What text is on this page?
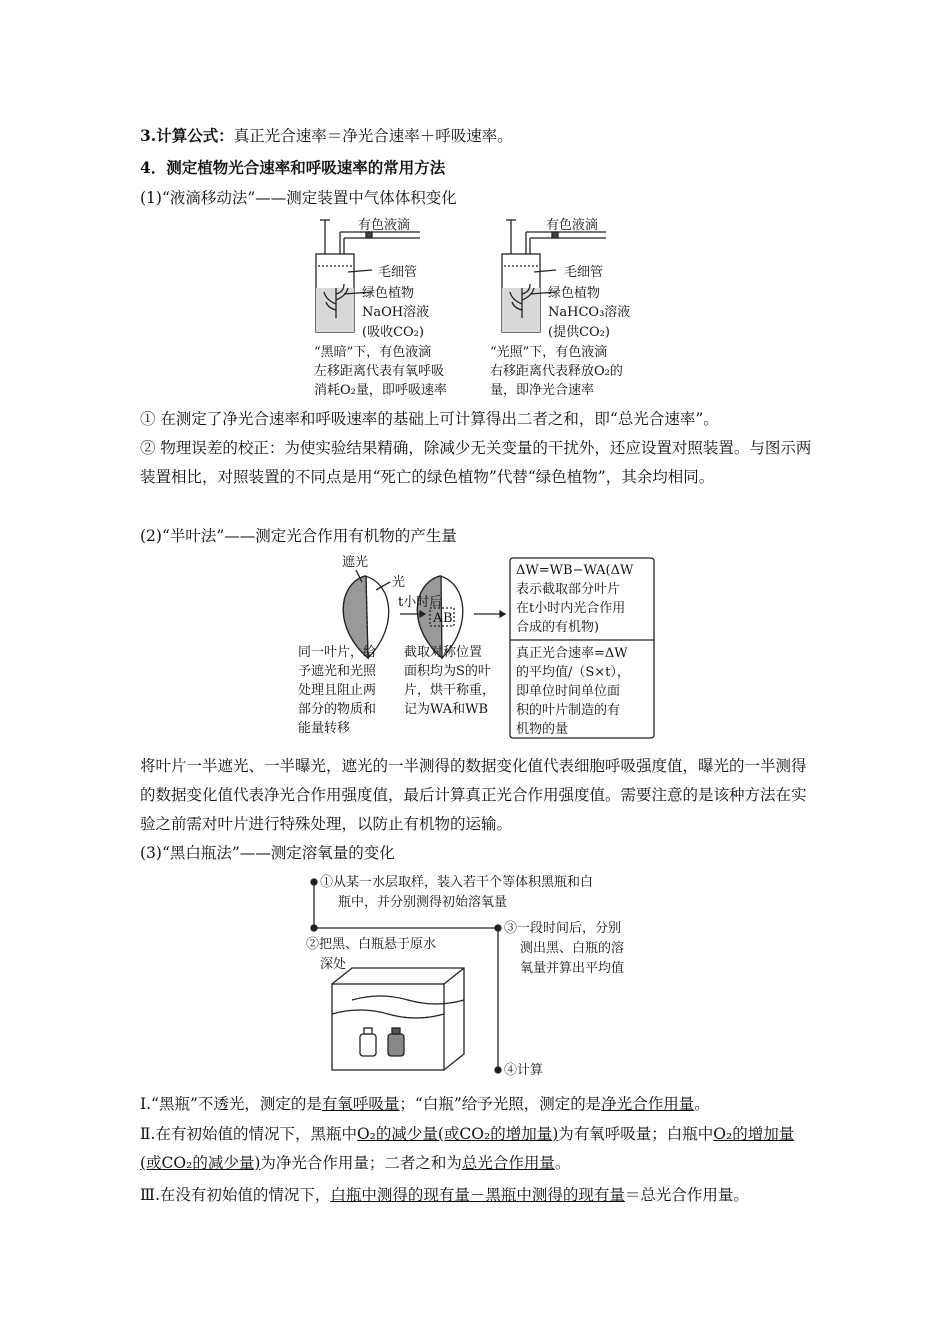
3.计算公式：真正光合速率＝净光合速率＋呼吸速率。
4．测定植物光合速率和呼吸速率的常用方法
(1)“液滴移动法”——测定装置中气体体积变化
有色液滴
毛细管
绿色植物
NaOH溶液
(吸收CO₂)
“黑暗”下，有色液滴
左移距离代表有氧呼吸
消耗O₂量，即呼吸速率
有色液滴
毛细管
绿色植物
NaHCO₃溶液
(提供CO₂)
“光照”下，有色液滴
右移距离代表释放O₂的
量，即净光合速率
① 在测定了净光合速率和呼吸速率的基础上可计算得出二者之和，即“总光合速率”。
② 物理误差的校正：为使实验结果精确，除减少无关变量的干扰外，还应设置对照装置。与图示两装置相比，对照装置的不同点是用“死亡的绿色植物”代替“绿色植物”，其余均相同。
(2)“半叶法”——测定光合作用有机物的产生量
遮光
光
t小时后
A B
同一叶片，给
予遮光和光照
处理且阻止两
部分的物质和
能量转移
截取对称位置
面积均为S的叶
片，烘干称重，
记为WA和WB
ΔW=WB−WA(ΔW
表示截取部分叶片
在t小时内光合作用
合成的有机物)
真正光合速率=ΔW
的平均值/（S×t），
即单位时间单位面
积的叶片制造的有
机物的量
将叶片一半遮光、一半曝光，遮光的一半测得的数据变化值代表细胞呼吸强度值，曝光的一半测得的数据变化值代表净光合作用强度值，最后计算真正光合作用强度值。需要注意的是该种方法在实验之前需对叶片进行特殊处理，以防止有机物的运输。
(3)“黑白瓶法”——测定溶氧量的变化
①从某一水层取样，装入若干个等体积黑瓶和白
瓶中，并分别测得初始溶氧量
②把黑、白瓶悬于原水
深处
③一段时间后，分别
测出黑、白瓶的溶
氧量并算出平均值
④计算
Ⅰ.“黑瓶”不透光，测定的是有氧呼吸量；“白瓶”给予光照，测定的是净光合作用量。
Ⅱ.在有初始值的情况下，黑瓶中O₂的减少量(或CO₂的增加量)为有氧呼吸量；白瓶中O₂的增加量(或CO₂的减少量)为净光合作用量；二者之和为总光合作用量。
Ⅲ.在没有初始值的情况下，白瓶中测得的现有量－黑瓶中测得的现有量＝总光合作用量。
